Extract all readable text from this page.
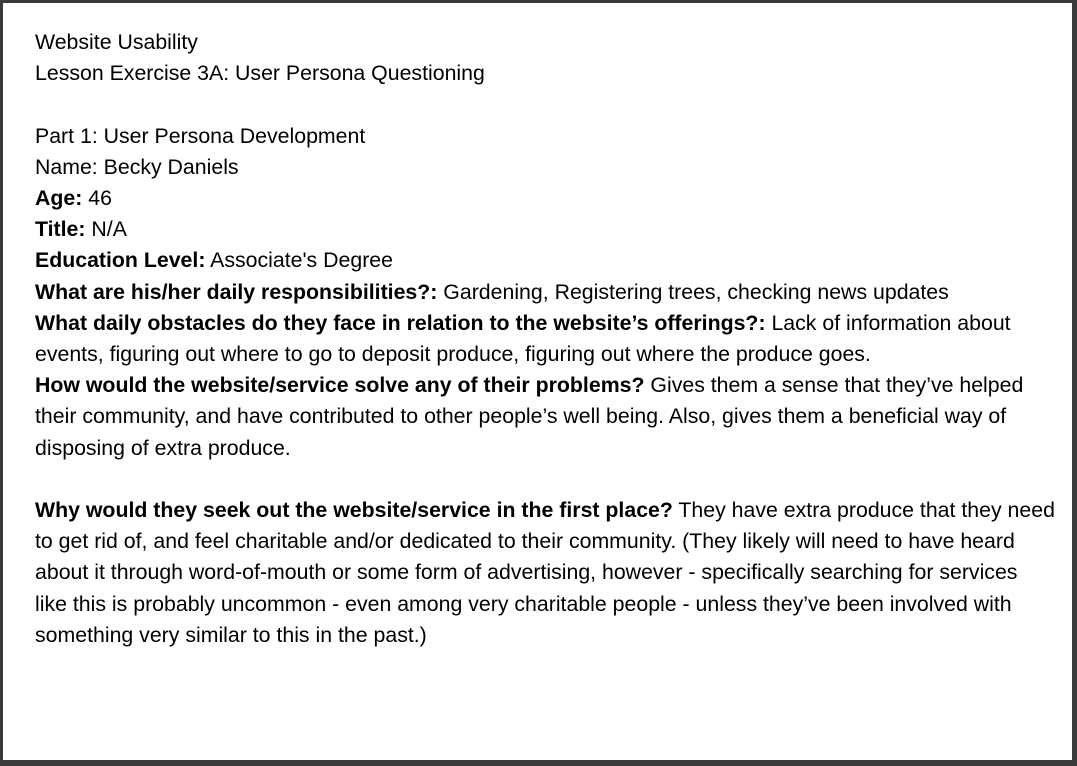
Website Usability

Lesson Exercise 3A: User Persona Questioning

Part 1: User Persona Development

Name: Becky Daniels

Age: 46

Title: N/A

Education Level: Associate's Degree

What are his/her daily responsibilities?: Gardening, Registering trees, checking news updates

What daily obstacles do they face in relation to the website’s offerings?: Lack of information about events, figuring out where to go to deposit produce, figuring out where the produce goes.

How would the website/service solve any of their problems? Gives them a sense that they’ve helped their community, and have contributed to other people’s well being. Also, gives them a beneficial way of disposing of extra produce.

Why would they seek out the website/service in the first place? They have extra produce that they need to get rid of, and feel charitable and/or dedicated to their community. (They likely will need to have heard about it through word-of-mouth or some form of advertising, however - specifically searching for services like this is probably uncommon - even among very charitable people - unless they’ve been involved with something very similar to this in the past.)
